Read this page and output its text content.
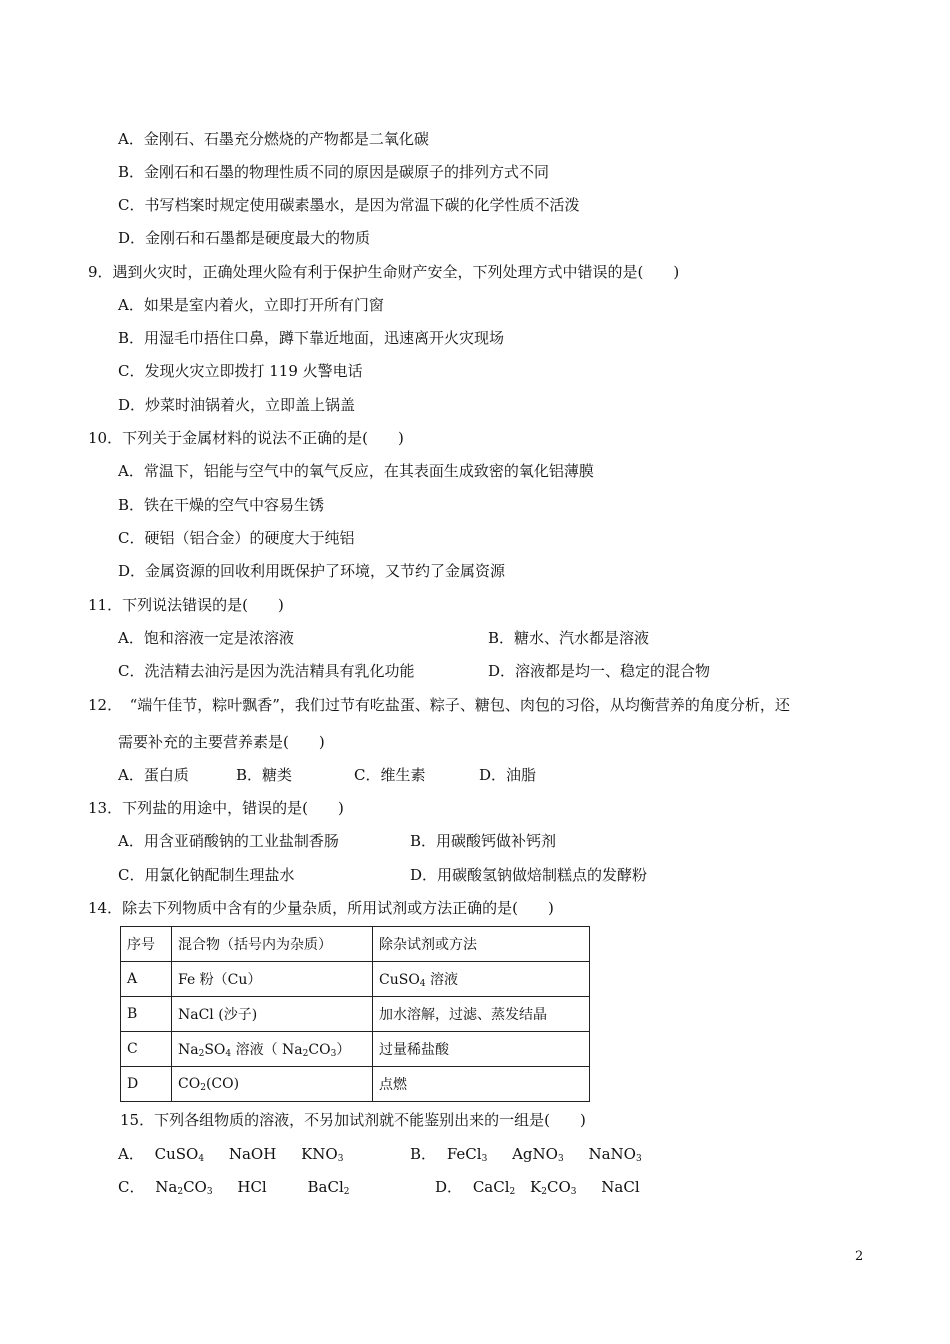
A．金刚石、石墨充分燃烧的产物都是二氧化碳
B．金刚石和石墨的物理性质不同的原因是碳原子的排列方式不同
C．书写档案时规定使用碳素墨水，是因为常温下碳的化学性质不活泼
D．金刚石和石墨都是硬度最大的物质
9．遇到火灾时，正确处理火险有利于保护生命财产安全，下列处理方式中错误的是(　　)
A．如果是室内着火，立即打开所有门窗
B．用湿毛巾捂住口鼻，蹲下靠近地面，迅速离开火灾现场
C．发现火灾立即拨打 119 火警电话
D．炒菜时油锅着火，立即盖上锅盖
10．下列关于金属材料的说法不正确的是(　　)
A．常温下，铝能与空气中的氧气反应，在其表面生成致密的氧化铝薄膜
B．铁在干燥的空气中容易生锈
C．硬铝（铝合金）的硬度大于纯铝
D．金属资源的回收利用既保护了环境，又节约了金属资源
11．下列说法错误的是(　　)
A．饱和溶液一定是浓溶液	B．糖水、汽水都是溶液
C．洗洁精去油污是因为洗洁精具有乳化功能	D．溶液都是均一、稳定的混合物
12．　“端午佳节，粽叶飘香”，我们过节有吃盐蛋、粽子、糖包、肉包的习俗，从均衡营养的角度分析，还
需要补充的主要营养素是(　　)
A．蛋白质	B．糖类	C．维生素	D．油脂
13．下列盐的用途中，错误的是(　　)
A．用含亚硝酸钠的工业盐制香肠	B．用碳酸钙做补钙剂
C．用氯化钠配制生理盐水	D．用碳酸氢钠做焙制糕点的发酵粉
14．除去下列物质中含有的少量杂质，所用试剂或方法正确的是(　　)
序号	混合物（括号内为杂质）	除杂试剂或方法
A	Fe 粉（Cu）	CuSO$_4$ 溶液
B	NaCl (沙子)	加水溶解，过滤、蒸发结晶
C	$Na_2SO_4$ 溶液（ $Na_2CO_3$）	过量稀盐酸
D	$CO_2(CO)$	点燃
15．下列各组物质的溶液，不另加试剂就不能鉴别出来的一组是(　　)
A． CuSO$_4$ NaOH $KNO_3$	B． FeCl$_3$ AgNO$_3$ NaNO$_3$
C． $Na_2CO_3$ HCl	BaCl$_2$	D． CaCl$_2$ $K_2CO_3$ NaCl
2
